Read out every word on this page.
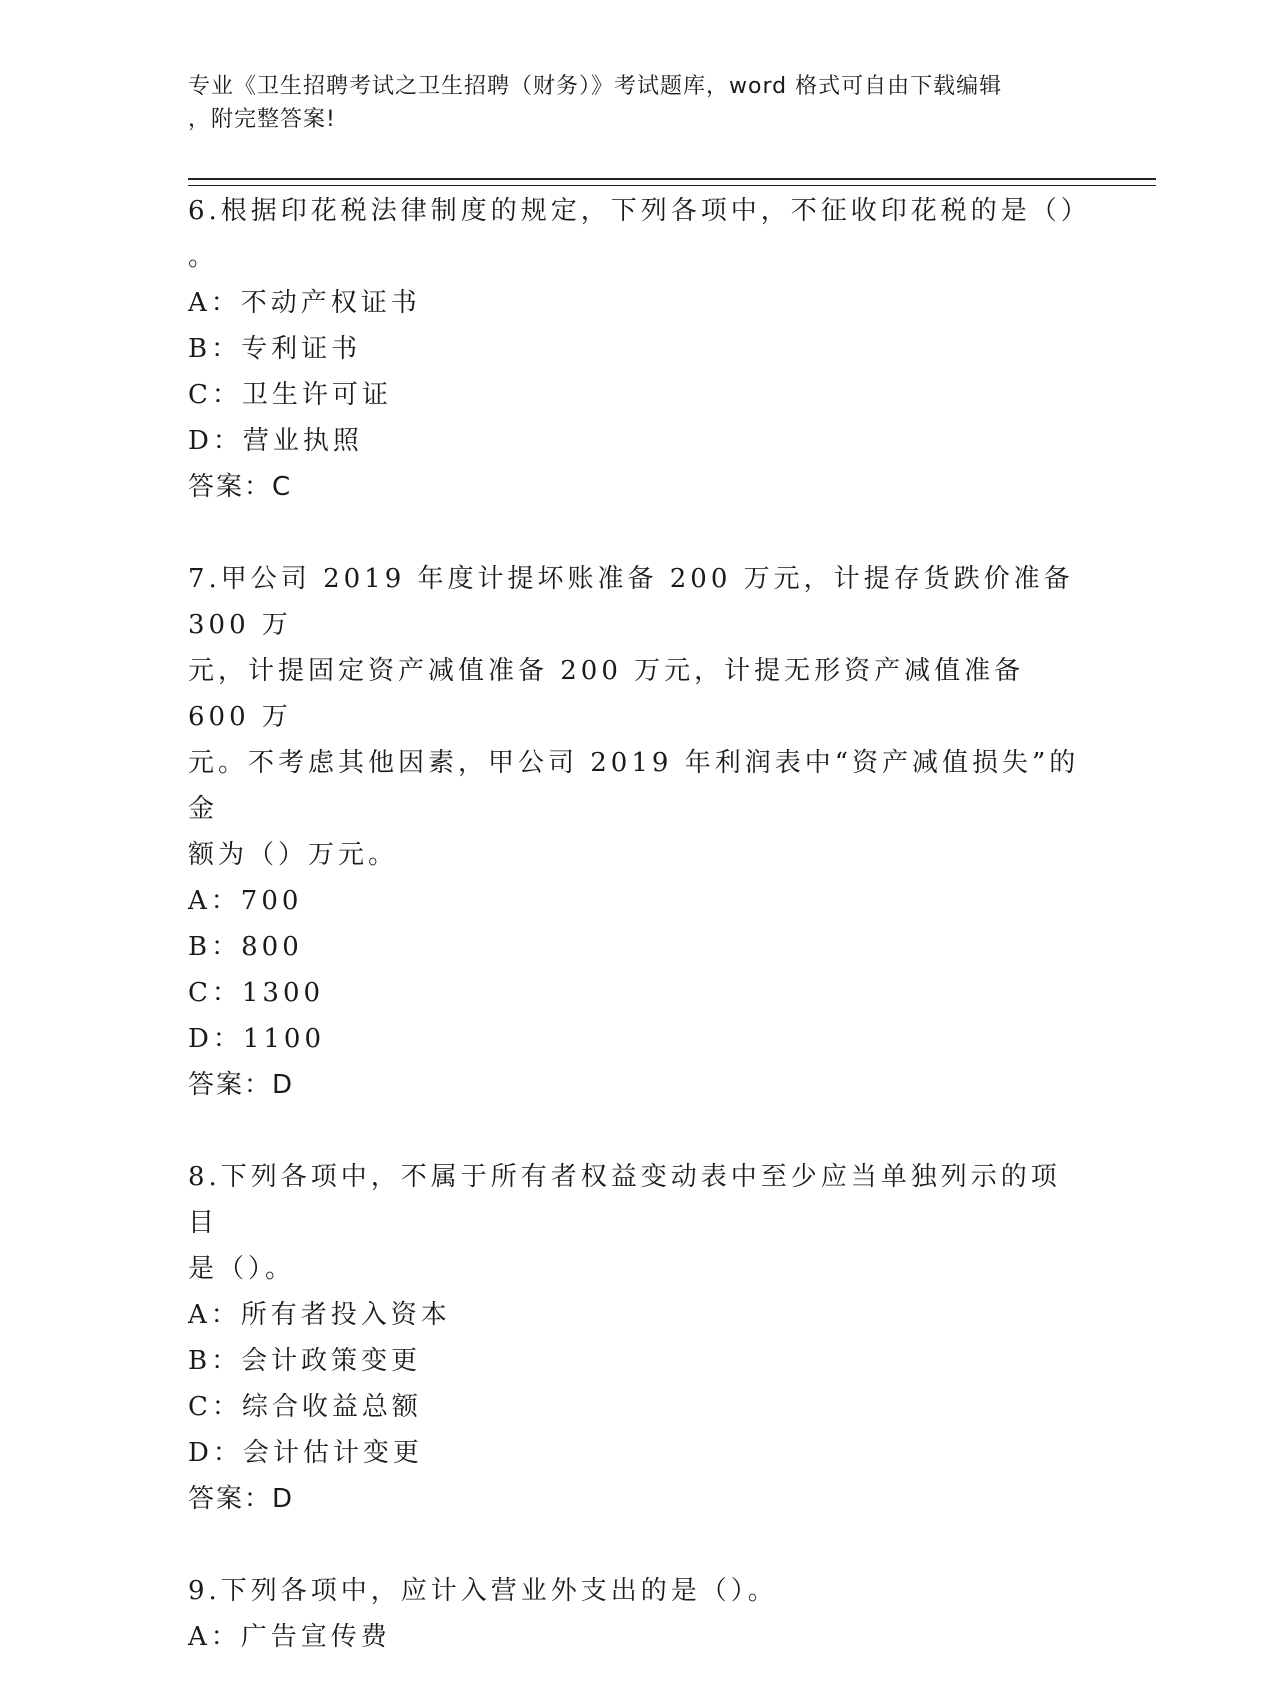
专业《卫生招聘考试之卫生招聘（财务）》考试题库，word 格式可自由下载编辑
，附完整答案!
6.根据印花税法律制度的规定，下列各项中，不征收印花税的是（）
。
A：不动产权证书
B：专利证书
C：卫生许可证
D：营业执照
答案：C
7.甲公司 2019 年度计提坏账准备 200 万元，计提存货跌价准备 300 万
元，计提固定资产减值准备 200 万元，计提无形资产减值准备 600 万
元。不考虑其他因素，甲公司 2019 年利润表中“资产减值损失”的金
额为（）万元。
A：700
B：800
C：1300
D：1100
答案：D
8.下列各项中，不属于所有者权益变动表中至少应当单独列示的项目
是（）。
A：所有者投入资本
B：会计政策变更
C：综合收益总额
D：会计估计变更
答案：D
9.下列各项中，应计入营业外支出的是（）。
A：广告宣传费
